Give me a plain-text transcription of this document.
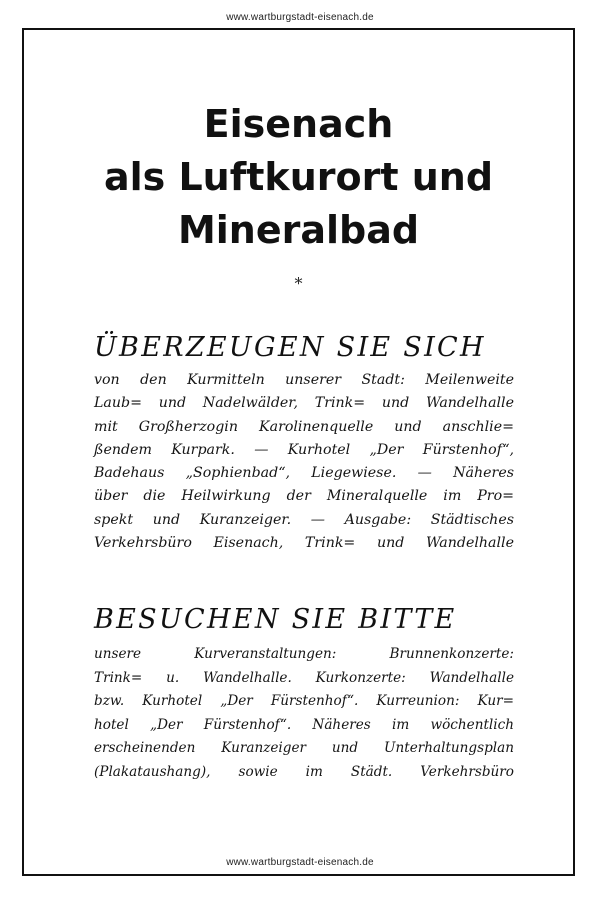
www.wartburgstadt-eisenach.de
Eisenach
als Luftkurort und
Mineralbad
*
ÜBERZEUGEN SIE SICH
von den Kurmitteln unserer Stadt: Meilenweite
Laub= und Nadelwälder, Trink= und Wandelhalle
mit Großherzogin Karolinenquelle und anschlie=
ßendem Kurpark. — Kurhotel „Der Fürstenhof“,
Badehaus „Sophienbad“, Liegewiese. — Näheres
über die Heilwirkung der Mineralquelle im Pro=
spekt und Kuranzeiger. — Ausgabe: Städtisches
Verkehrsbüro Eisenach, Trink= und Wandelhalle
BESUCHEN SIE BITTE
unsere Kurveranstaltungen: Brunnenkonzerte:
Trink= u. Wandelhalle. Kurkonzerte: Wandelhalle
bzw. Kurhotel „Der Fürstenhof“. Kurreunion: Kur=
hotel „Der Fürstenhof“. Näheres im wöchentlich
erscheinenden Kuranzeiger und Unterhaltungsplan
(Plakataushang), sowie im Städt. Verkehrsbüro
www.wartburgstadt-eisenach.de
